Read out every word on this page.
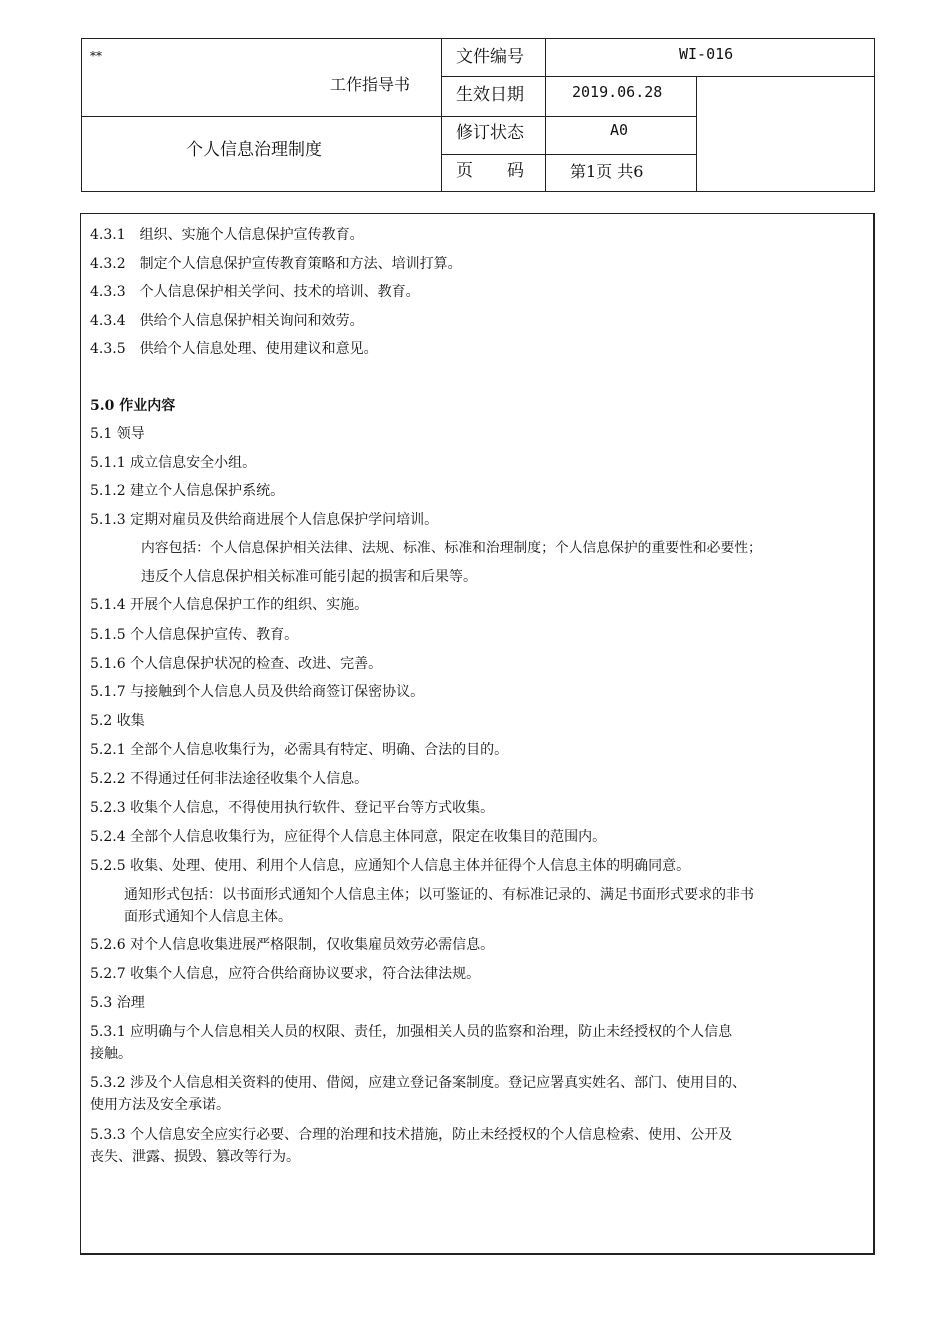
**
工作指导书
个人信息治理制度
文件编号	WI-016
生效日期	2019.06.28
修订状态	A0
页　　码	第1页 共6
4.3.1　组织、实施个人信息保护宣传教育。
4.3.2　制定个人信息保护宣传教育策略和方法、培训打算。
4.3.3　个人信息保护相关学问、技术的培训、教育。
4.3.4　供给个人信息保护相关询问和效劳。
4.3.5　供给个人信息处理、使用建议和意见。
5.0 作业内容
5.1 领导
5.1.1 成立信息安全小组。
5.1.2 建立个人信息保护系统。
5.1.3 定期对雇员及供给商进展个人信息保护学问培训。
内容包括：个人信息保护相关法律、法规、标准、标准和治理制度；个人信息保护的重要性和必要性；
违反个人信息保护相关标准可能引起的损害和后果等。
5.1.4 开展个人信息保护工作的组织、实施。
5.1.5 个人信息保护宣传、教育。
5.1.6 个人信息保护状况的检查、改进、完善。
5.1.7 与接触到个人信息人员及供给商签订保密协议。
5.2 收集
5.2.1 全部个人信息收集行为，必需具有特定、明确、合法的目的。
5.2.2 不得通过任何非法途径收集个人信息。
5.2.3 收集个人信息，不得使用执行软件、登记平台等方式收集。
5.2.4 全部个人信息收集行为，应征得个人信息主体同意，限定在收集目的范围内。
5.2.5 收集、处理、使用、利用个人信息，应通知个人信息主体并征得个人信息主体的明确同意。
通知形式包括：以书面形式通知个人信息主体；以可鉴证的、有标准记录的、满足书面形式要求的非书
面形式通知个人信息主体。
5.2.6 对个人信息收集进展严格限制，仅收集雇员效劳必需信息。
5.2.7 收集个人信息，应符合供给商协议要求，符合法律法规。
5.3 治理
5.3.1 应明确与个人信息相关人员的权限、责任，加强相关人员的监察和治理，防止未经授权的个人信息
接触。
5.3.2 涉及个人信息相关资料的使用、借阅，应建立登记备案制度。登记应署真实姓名、部门、使用目的、
使用方法及安全承诺。
5.3.3 个人信息安全应实行必要、合理的治理和技术措施，防止未经授权的个人信息检索、使用、公开及
丧失、泄露、损毁、篡改等行为。
